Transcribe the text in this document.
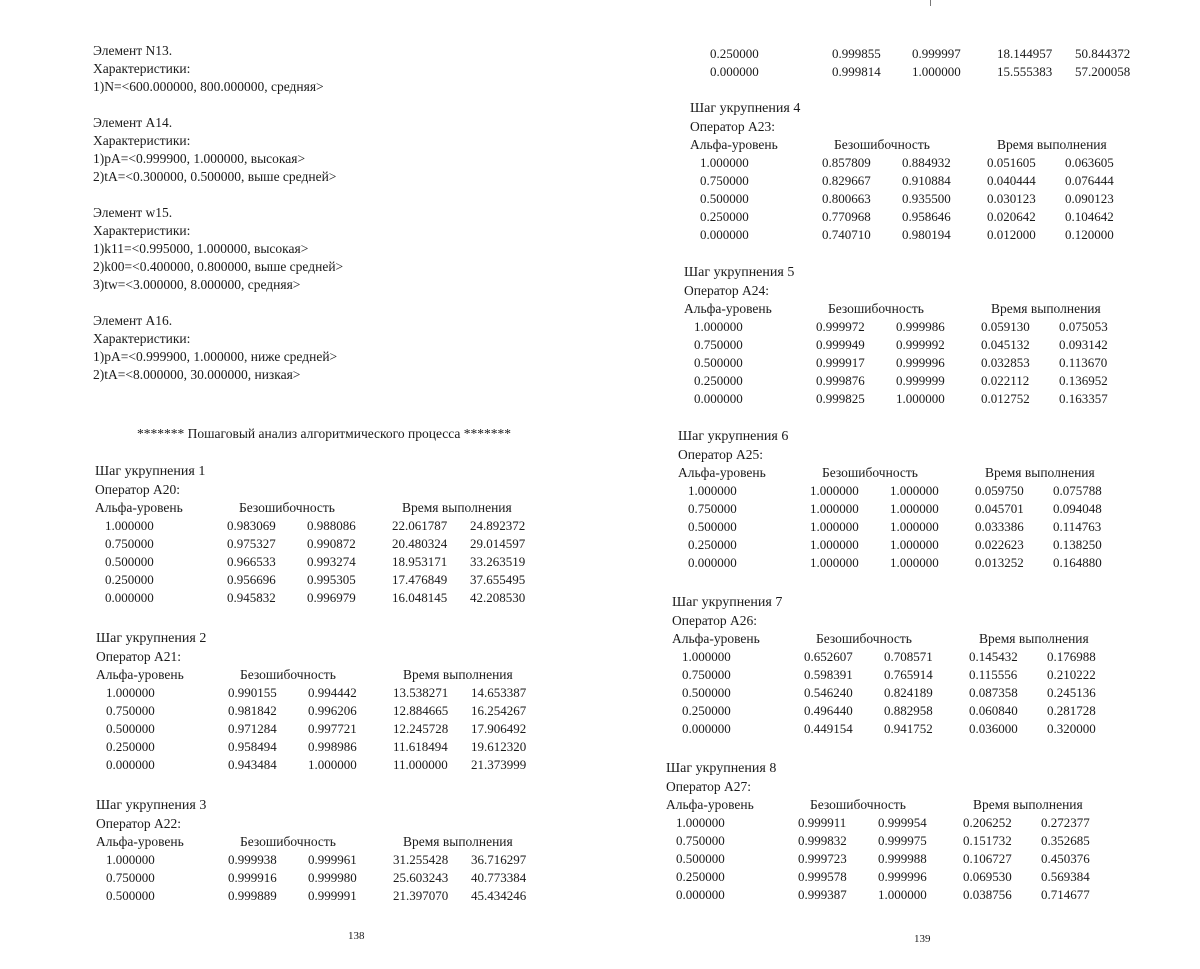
Элемент N13.
Характеристики:
1)N=<600.000000, 800.000000, средняя>
Элемент A14.
Характеристики:
1)pA=<0.999900, 1.000000, высокая>
2)tA=<0.300000, 0.500000, выше средней>
Элемент w15.
Характеристики:
1)k11=<0.995000, 1.000000, высокая>
2)k00=<0.400000, 0.800000, выше средней>
3)tw=<3.000000, 8.000000, средняя>
Элемент A16.
Характеристики:
1)pA=<0.999900, 1.000000, ниже средней>
2)tA=<8.000000, 30.000000, низкая>
******* Пошаговый анализ алгоритмического процесса *******
Шаг укрупнения 1
Оператор A20:
Альфа-уровень	Безошибочность	Время выполнения
1.000000	0.983069	0.988086	22.061787	24.892372
0.750000	0.975327	0.990872	20.480324	29.014597
0.500000	0.966533	0.993274	18.953171	33.263519
0.250000	0.956696	0.995305	17.476849	37.655495
0.000000	0.945832	0.996979	16.048145	42.208530
Шаг укрупнения 2
Оператор A21:
Альфа-уровень	Безошибочность	Время выполнения
1.000000	0.990155	0.994442	13.538271	14.653387
0.750000	0.981842	0.996206	12.884665	16.254267
0.500000	0.971284	0.997721	12.245728	17.906492
0.250000	0.958494	0.998986	11.618494	19.612320
0.000000	0.943484	1.000000	11.000000	21.373999
Шаг укрупнения 3
Оператор A22:
Альфа-уровень	Безошибочность	Время выполнения
1.000000	0.999938	0.999961	31.255428	36.716297
0.750000	0.999916	0.999980	25.603243	40.773384
0.500000	0.999889	0.999991	21.397070	45.434246
138
0.250000	0.999855	0.999997	18.144957	50.844372
0.000000	0.999814	1.000000	15.555383	57.200058
Шаг укрупнения 4
Оператор A23:
Альфа-уровень	Безошибочность	Время выполнения
1.000000	0.857809	0.884932	0.051605	0.063605
0.750000	0.829667	0.910884	0.040444	0.076444
0.500000	0.800663	0.935500	0.030123	0.090123
0.250000	0.770968	0.958646	0.020642	0.104642
0.000000	0.740710	0.980194	0.012000	0.120000
Шаг укрупнения 5
Оператор A24:
Альфа-уровень	Безошибочность	Время выполнения
1.000000	0.999972	0.999986	0.059130	0.075053
0.750000	0.999949	0.999992	0.045132	0.093142
0.500000	0.999917	0.999996	0.032853	0.113670
0.250000	0.999876	0.999999	0.022112	0.136952
0.000000	0.999825	1.000000	0.012752	0.163357
Шаг укрупнения 6
Оператор A25:
Альфа-уровень	Безошибочность	Время выполнения
1.000000	1.000000	1.000000	0.059750	0.075788
0.750000	1.000000	1.000000	0.045701	0.094048
0.500000	1.000000	1.000000	0.033386	0.114763
0.250000	1.000000	1.000000	0.022623	0.138250
0.000000	1.000000	1.000000	0.013252	0.164880
Шаг укрупнения 7
Оператор A26:
Альфа-уровень	Безошибочность	Время выполнения
1.000000	0.652607	0.708571	0.145432	0.176988
0.750000	0.598391	0.765914	0.115556	0.210222
0.500000	0.546240	0.824189	0.087358	0.245136
0.250000	0.496440	0.882958	0.060840	0.281728
0.000000	0.449154	0.941752	0.036000	0.320000
Шаг укрупнения 8
Оператор A27:
Альфа-уровень	Безошибочность	Время выполнения
1.000000	0.999911	0.999954	0.206252	0.272377
0.750000	0.999832	0.999975	0.151732	0.352685
0.500000	0.999723	0.999988	0.106727	0.450376
0.250000	0.999578	0.999996	0.069530	0.569384
0.000000	0.999387	1.000000	0.038756	0.714677
139
